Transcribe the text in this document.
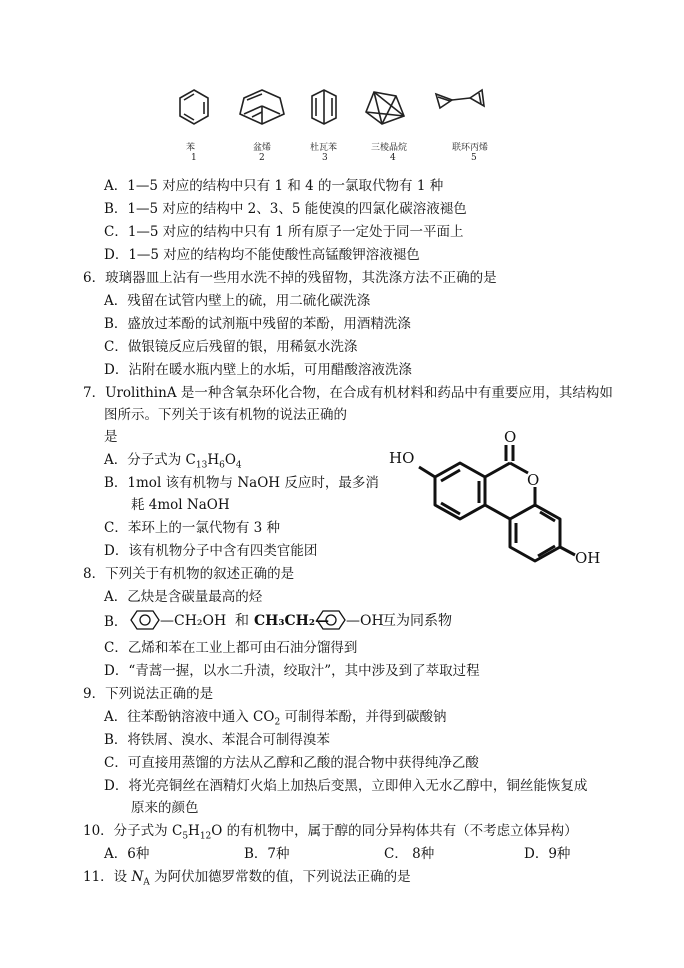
苯
1
盆烯
2
杜瓦苯
3
三棱晶烷
4
联环丙烯
5
A．1—5 对应的结构中只有 1 和 4 的一氯取代物有 1 种
B．1—5 对应的结构中 2、3、5 能使溴的四氯化碳溶液褪色
C．1—5 对应的结构中只有 1 所有原子一定处于同一平面上
D．1—5 对应的结构均不能使酸性高锰酸钾溶液褪色
6．玻璃器皿上沾有一些用水洗不掉的残留物，其洗涤方法不正确的是
A．残留在试管内壁上的硫，用二硫化碳洗涤
B．盛放过苯酚的试剂瓶中残留的苯酚，用酒精洗涤
C．做银镜反应后残留的银，用稀氨水洗涤
D．沾附在暖水瓶内壁上的水垢，可用醋酸溶液洗涤
7．UrolithinA 是一种含氧杂环化合物，在合成有机材料和药品中有重要应用，其结构如
图所示。下列关于该有机物的说法正确的
是
A．分子式为 $C_{13}H_6O_4$
B．1mol 该有机物与 NaOH 反应时，最多消
耗 4mol NaOH
C．苯环上的一氯代物有 3 种
D．该有机物分子中含有四类官能团
HO
O
O
OH
8．下列关于有机物的叙述正确的是
A．乙炔是含碳量最高的烃
B． —CH₂OH 和 CH₃CH₂— —OH
互为同系物
C．乙烯和苯在工业上都可由石油分馏得到
D．“青蒿一握，以水二升渍，绞取汁”，其中涉及到了萃取过程
9．下列说法正确的是
A．往苯酚钠溶液中通入 $CO_2$ 可制得苯酚，并得到碳酸钠
B．将铁屑、溴水、苯混合可制得溴苯
C．可直接用蒸馏的方法从乙醇和乙酸的混合物中获得纯净乙酸
D．将光亮铜丝在酒精灯火焰上加热后变黑，立即伸入无水乙醇中，铜丝能恢复成
原来的颜色
10．分子式为 $C_5H_{12}O$ 的有机物中，属于醇的同分异构体共有（不考虑立体异构）
A．6种	B．7种	C． 8种	D．9种
11．设 $N_A$ 为阿伏加德罗常数的值，下列说法正确的是
